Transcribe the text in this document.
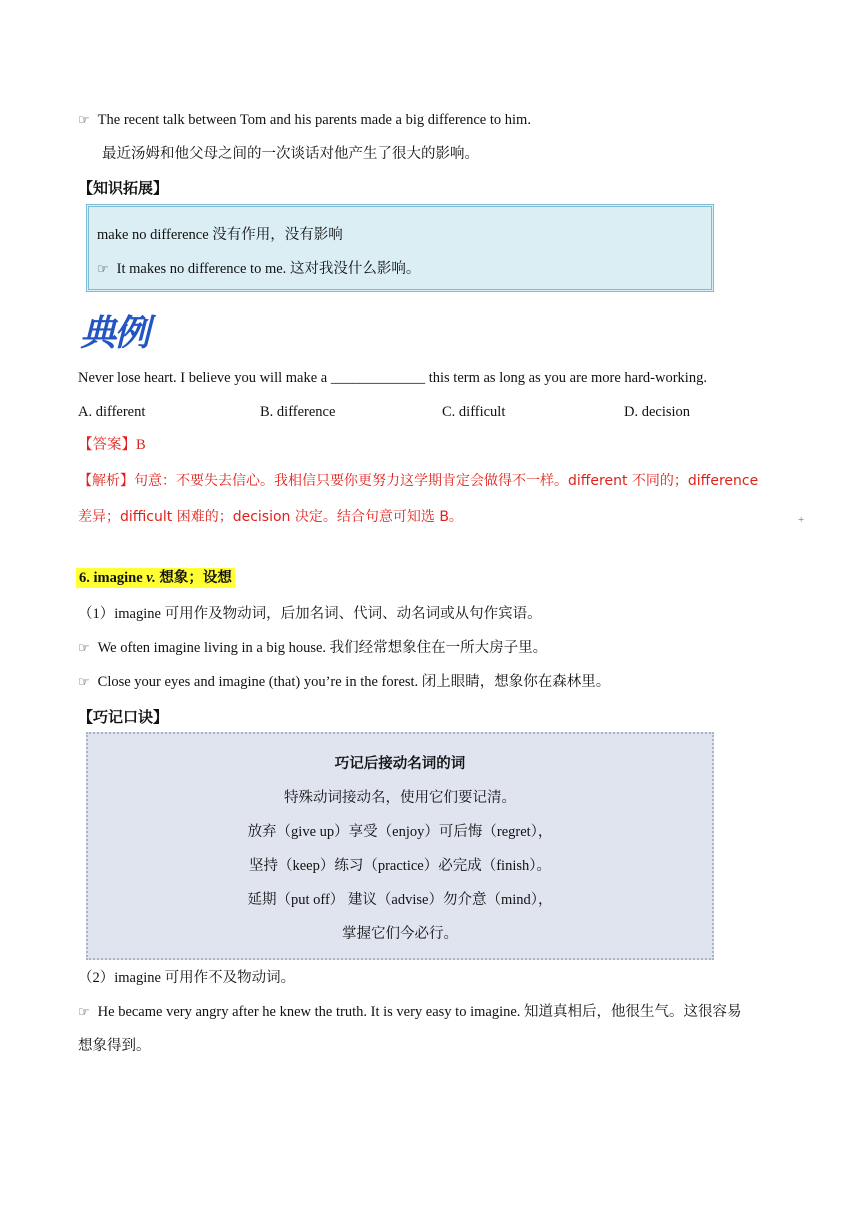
☞ The recent talk between Tom and his parents made a big difference to him.
最近汤姆和他父母之间的一次谈话对他产生了很大的影响。
【知识拓展】
make no difference 没有作用，没有影响
☞ It makes no difference to me. 这对我没什么影响。
典例
Never lose heart. I believe you will make a _____________ this term as long as you are more hard-working.
A. different	B. difference	C. difficult	D. decision
【答案】B
【解析】句意：不要失去信心。我相信只要你更努力这学期肯定会做得不一样。different 不同的；difference
差异；difficult 困难的；decision 决定。结合句意可知选 B。	+
6. imagine v. 想象；设想
（1）imagine 可用作及物动词，后加名词、代词、动名词或从句作宾语。
☞ We often imagine living in a big house. 我们经常想象住在一所大房子里。
☞ Close your eyes and imagine (that) you’re in the forest. 闭上眼睛，想象你在森林里。
【巧记口诀】
巧记后接动名词的词
特殊动词接动名，使用它们要记清。
放弃（give up）享受（enjoy）可后悔（regret），
坚持（keep）练习（practice）必完成（finish）。
延期（put off） 建议（advise）勿介意（mind），
掌握它们今必行。
（2）imagine 可用作不及物动词。
☞ He became very angry after he knew the truth. It is very easy to imagine. 知道真相后，他很生气。这很容易
想象得到。
